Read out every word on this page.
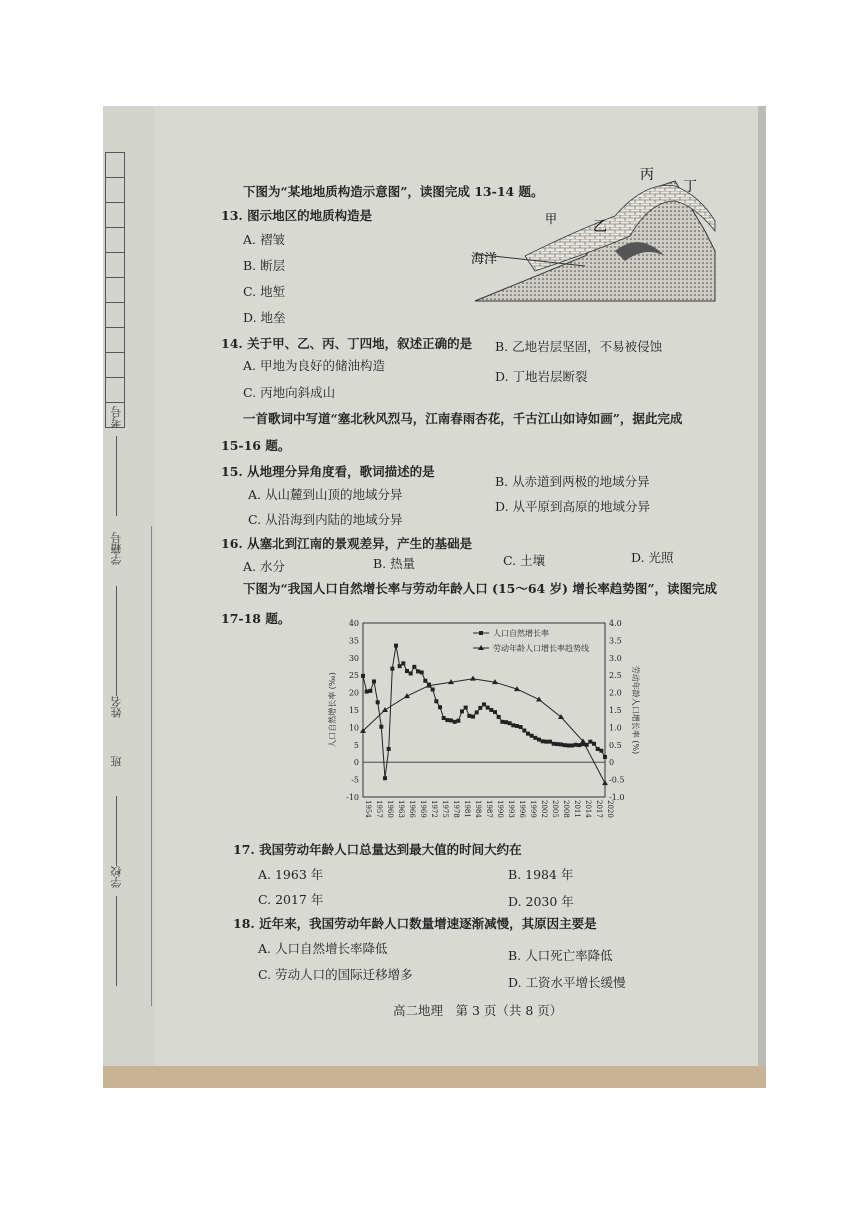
考号
学籍号
姓名
班
学校
下图为“某地地质构造示意图”，读图完成 13-14 题。
丙
丁
甲	乙
海洋
13. 图示地区的地质构造是
A. 褶皱
B. 断层
C. 地堑
D. 地垒
14. 关于甲、乙、丙、丁四地，叙述正确的是
A. 甲地为良好的储油构造
B. 乙地岩层坚固，不易被侵蚀
C. 丙地向斜成山
D. 丁地岩层断裂
一首歌词中写道“塞北秋风烈马，江南春雨杏花，千古江山如诗如画”，据此完成
15-16 题。
15. 从地理分异角度看，歌词描述的是
A. 从山麓到山顶的地域分异
B. 从赤道到两极的地域分异
C. 从沿海到内陆的地域分异
D. 从平原到高原的地域分异
16. 从塞北到江南的景观差异，产生的基础是
A. 水分	B. 热量	C. 土壤	D. 光照
下图为“我国人口自然增长率与劳动年龄人口 (15～64 岁) 增长率趋势图”，读图完成
17-18 题。	40
35
30
25
20
15
10
5
0
-5
-10
4.0
3.5
3.0
2.5
2.0
1.5
1.0
0.5
0
-0.5
-1.0
1954 1957 1960 1963 1966 1969 1972 1975 1978 1981 1984 1987 1990 1993 1996 1999 2002 2005 2008 2011 2014 2017 2020
人口自然增长率 (‰)	劳动年龄人口增长率 (%)
人口自然增长率
劳动年龄人口增长率趋势线
17. 我国劳动年龄人口总量达到最大值的时间大约在
A. 1963 年	B. 1984 年
C. 2017 年	D. 2030 年
18. 近年来，我国劳动年龄人口数量增速逐渐减慢，其原因主要是
A. 人口自然增长率降低	B. 人口死亡率降低
C. 劳动人口的国际迁移增多
D. 工资水平增长缓慢
高二地理　第 3 页（共 8 页）
